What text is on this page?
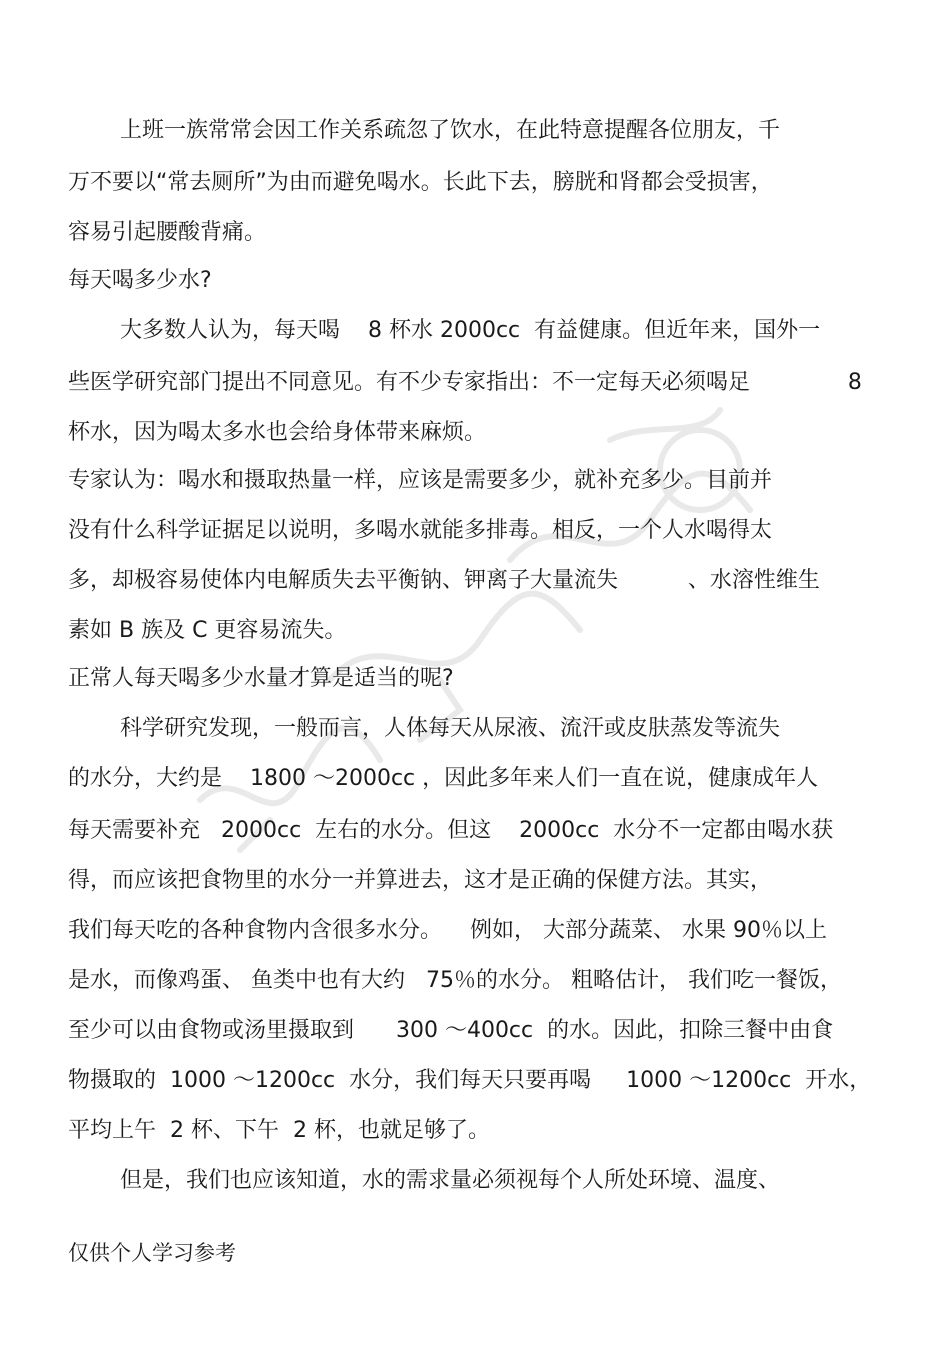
上班一族常常会因工作关系疏忽了饮水，在此特意提醒各位朋友，千
万不要以“常去厕所”为由而避免喝水。长此下去，膀胱和肾都会受损害，
容易引起腰酸背痛。
每天喝多少水?
大多数人认为，每天喝    8 杯水 2000cc  有益健康。但近年来，国外一
些医学研究部门提出不同意见。有不少专家指出：不一定每天必须喝足              8
杯水，因为喝太多水也会给身体带来麻烦。
专家认为：喝水和摄取热量一样，应该是需要多少，就补充多少。目前并
没有什么科学证据足以说明，多喝水就能多排毒。相反，一个人水喝得太
多，却极容易使体内电解质失去平衡钠、钾离子大量流失          、水溶性维生
素如 B 族及 C 更容易流失。
正常人每天喝多少水量才算是适当的呢?
科学研究发现，一般而言，人体每天从尿液、流汗或皮肤蒸发等流失
的水分，大约是    1800 ～2000cc ，因此多年来人们一直在说，健康成年人
每天需要补充   2000cc  左右的水分。但这    2000cc  水分不一定都由喝水获
得，而应该把食物里的水分一并算进去，这才是正确的保健方法。其实，
我们每天吃的各种食物内含很多水分。    例如， 大部分蔬菜、 水果 90％以上
是水，而像鸡蛋、 鱼类中也有大约   75％的水分。 粗略估计， 我们吃一餐饭，
至少可以由食物或汤里摄取到      300 ～400cc  的水。因此，扣除三餐中由食
物摄取的  1000 ～1200cc  水分，我们每天只要再喝     1000 ～1200cc  开水，
平均上午  2 杯、下午  2 杯，也就足够了。
但是，我们也应该知道，水的需求量必须视每个人所处环境、温度、
仅供个人学习参考
